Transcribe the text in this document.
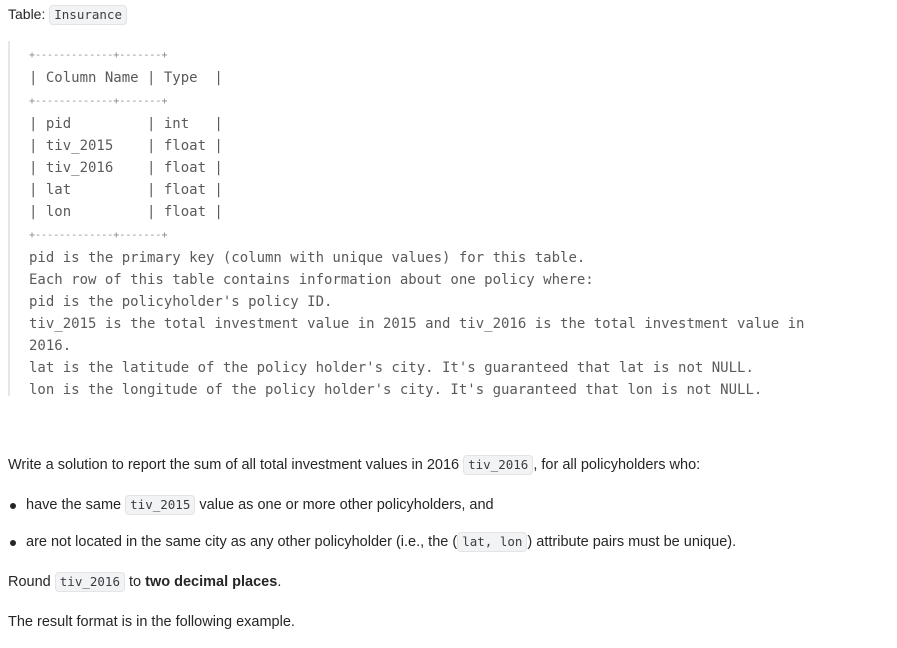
Table: Insurance
+-------------+-------+
| Column Name | Type  |
+-------------+-------+
| pid         | int   |
| tiv_2015    | float |
| tiv_2016    | float |
| lat         | float |
| lon         | float |
+-------------+-------+
pid is the primary key (column with unique values) for this table.
Each row of this table contains information about one policy where:
pid is the policyholder's policy ID.
tiv_2015 is the total investment value in 2015 and tiv_2016 is the total investment value in
2016.
lat is the latitude of the policy holder's city. It's guaranteed that lat is not NULL.
lon is the longitude of the policy holder's city. It's guaranteed that lon is not NULL.
Write a solution to report the sum of all total investment values in 2016 tiv_2016 , for all policyholders who:
have the same tiv_2015 value as one or more other policyholders, and
are not located in the same city as any other policyholder (i.e., the ( lat, lon ) attribute pairs must be unique).
Round tiv_2016 to two decimal places.
The result format is in the following example.
